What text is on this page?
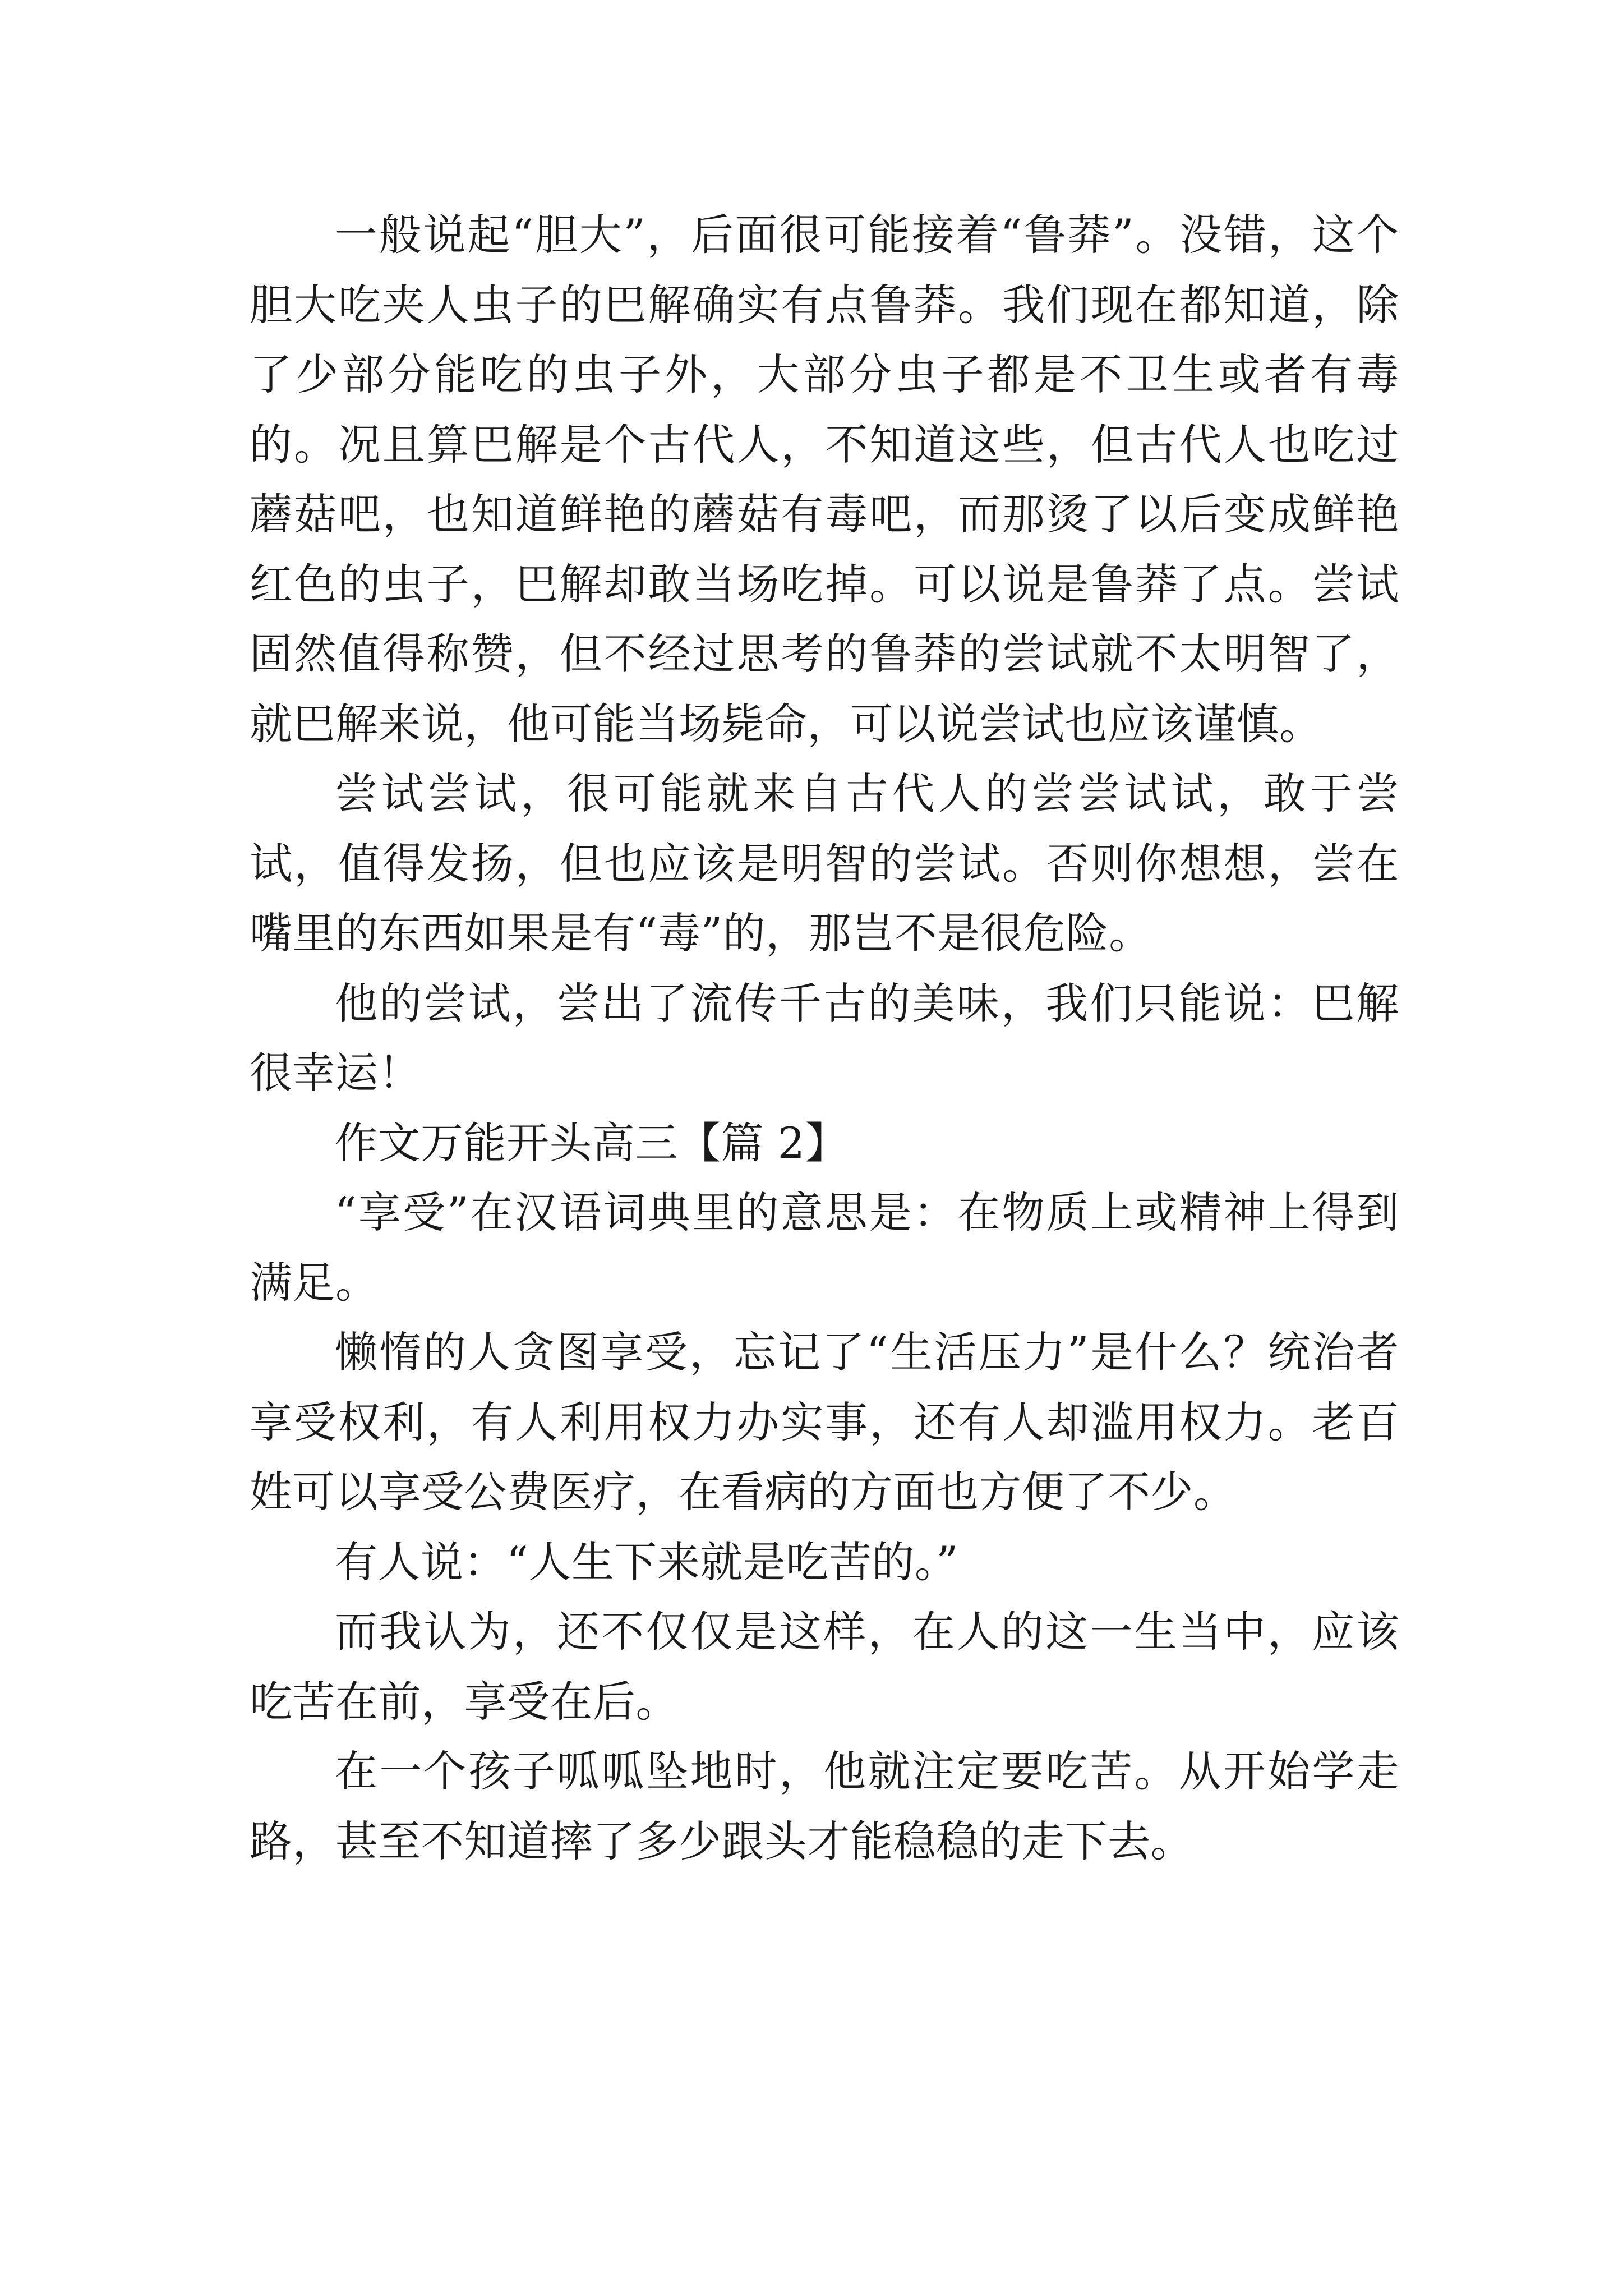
一般说起“胆大”，后面很可能接着“鲁莽”。没错，这个胆大吃夹人虫子的巴解确实有点鲁莽。我们现在都知道，除了少部分能吃的虫子外，大部分虫子都是不卫生或者有毒的。况且算巴解是个古代人，不知道这些，但古代人也吃过蘑菇吧，也知道鲜艳的蘑菇有毒吧，而那烫了以后变成鲜艳红色的虫子，巴解却敢当场吃掉。可以说是鲁莽了点。尝试固然值得称赞，但不经过思考的鲁莽的尝试就不太明智了，就巴解来说，他可能当场毙命，可以说尝试也应该谨慎。

尝试尝试，很可能就来自古代人的尝尝试试，敢于尝试，值得发扬，但也应该是明智的尝试。否则你想想，尝在嘴里的东西如果是有“毒”的，那岂不是很危险。

他的尝试，尝出了流传千古的美味，我们只能说：巴解很幸运！

作文万能开头高三【篇 2】

“享受”在汉语词典里的意思是：在物质上或精神上得到满足。

懒惰的人贪图享受，忘记了“生活压力”是什么？统治者享受权利，有人利用权力办实事，还有人却滥用权力。老百姓可以享受公费医疗，在看病的方面也方便了不少。

有人说：“人生下来就是吃苦的。”

而我认为，还不仅仅是这样，在人的这一生当中，应该吃苦在前，享受在后。

在一个孩子呱呱坠地时，他就注定要吃苦。从开始学走路，甚至不知道摔了多少跟头才能稳稳的走下去。
